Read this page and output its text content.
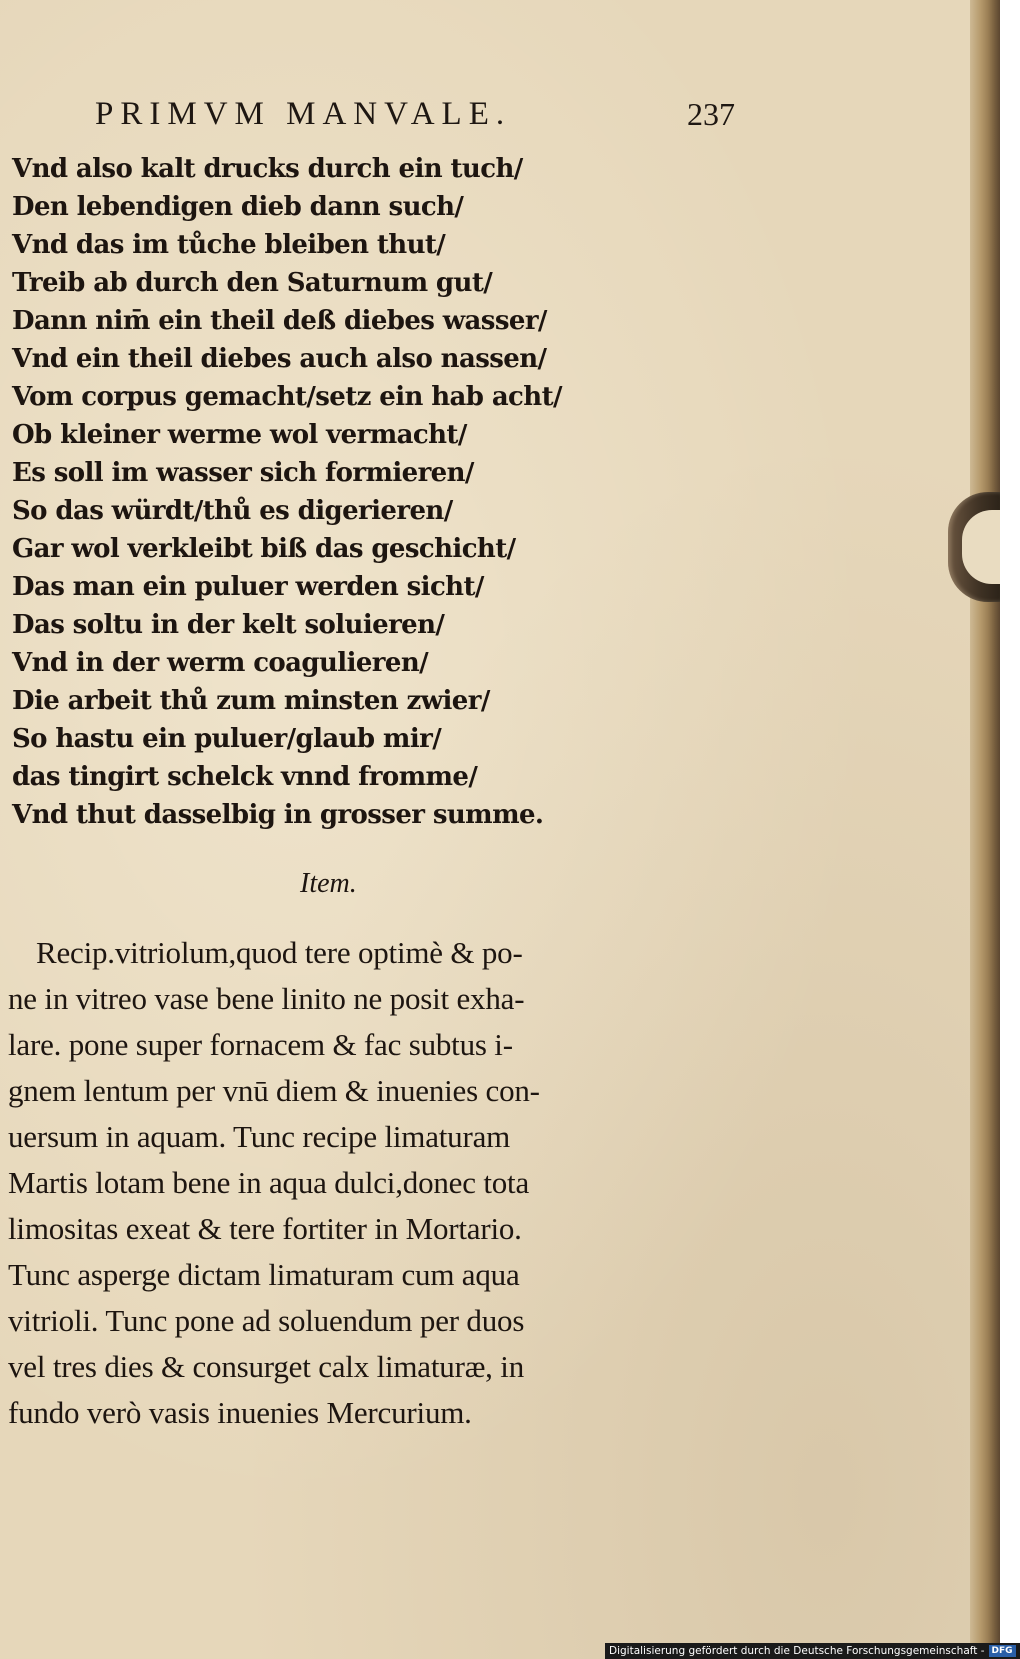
PRIMVM MANVALE.	237
Vnd also kalt drucks durch ein tuch/
Den lebendigen dieb dann such/
Vnd das im tůche bleiben thut/
Treib ab durch den Saturnum gut/
Dann nim̄ ein theil deß diebes wasser/
Vnd ein theil diebes auch also nassen/
Vom corpus gemacht/setz ein hab acht/
Ob kleiner werme wol vermacht/
Es soll im wasser sich formieren/
So das würdt/thů es digerieren/
Gar wol verkleibt biß das geschicht/
Das man ein puluer werden sicht/
Das soltu in der kelt soluieren/
Vnd in der werm coagulieren/
Die arbeit thů zum minsten zwier/
So hastu ein puluer/glaub mir/
das tingirt schelck vnnd fromme/
Vnd thut dasselbig in grosser summe.
Item.
Recip.vitriolum,quod tere optimè & po-
ne in vitreo vase bene linito ne posit exha-
lare. pone super fornacem & fac subtus i-
gnem lentum per vnū diem & inuenies con-
uersum in aquam. Tunc recipe limaturam
Martis lotam bene in aqua dulci,donec tota
limositas exeat & tere fortiter in Mortario.
Tunc asperge dictam limaturam cum aqua
vitrioli. Tunc pone ad soluendum per duos
vel tres dies & consurget calx limaturæ, in
fundo verò vasis inuenies Mercurium.
Digitalisierung gefördert durch die Deutsche Forschungsgemeinschaft - DFG
